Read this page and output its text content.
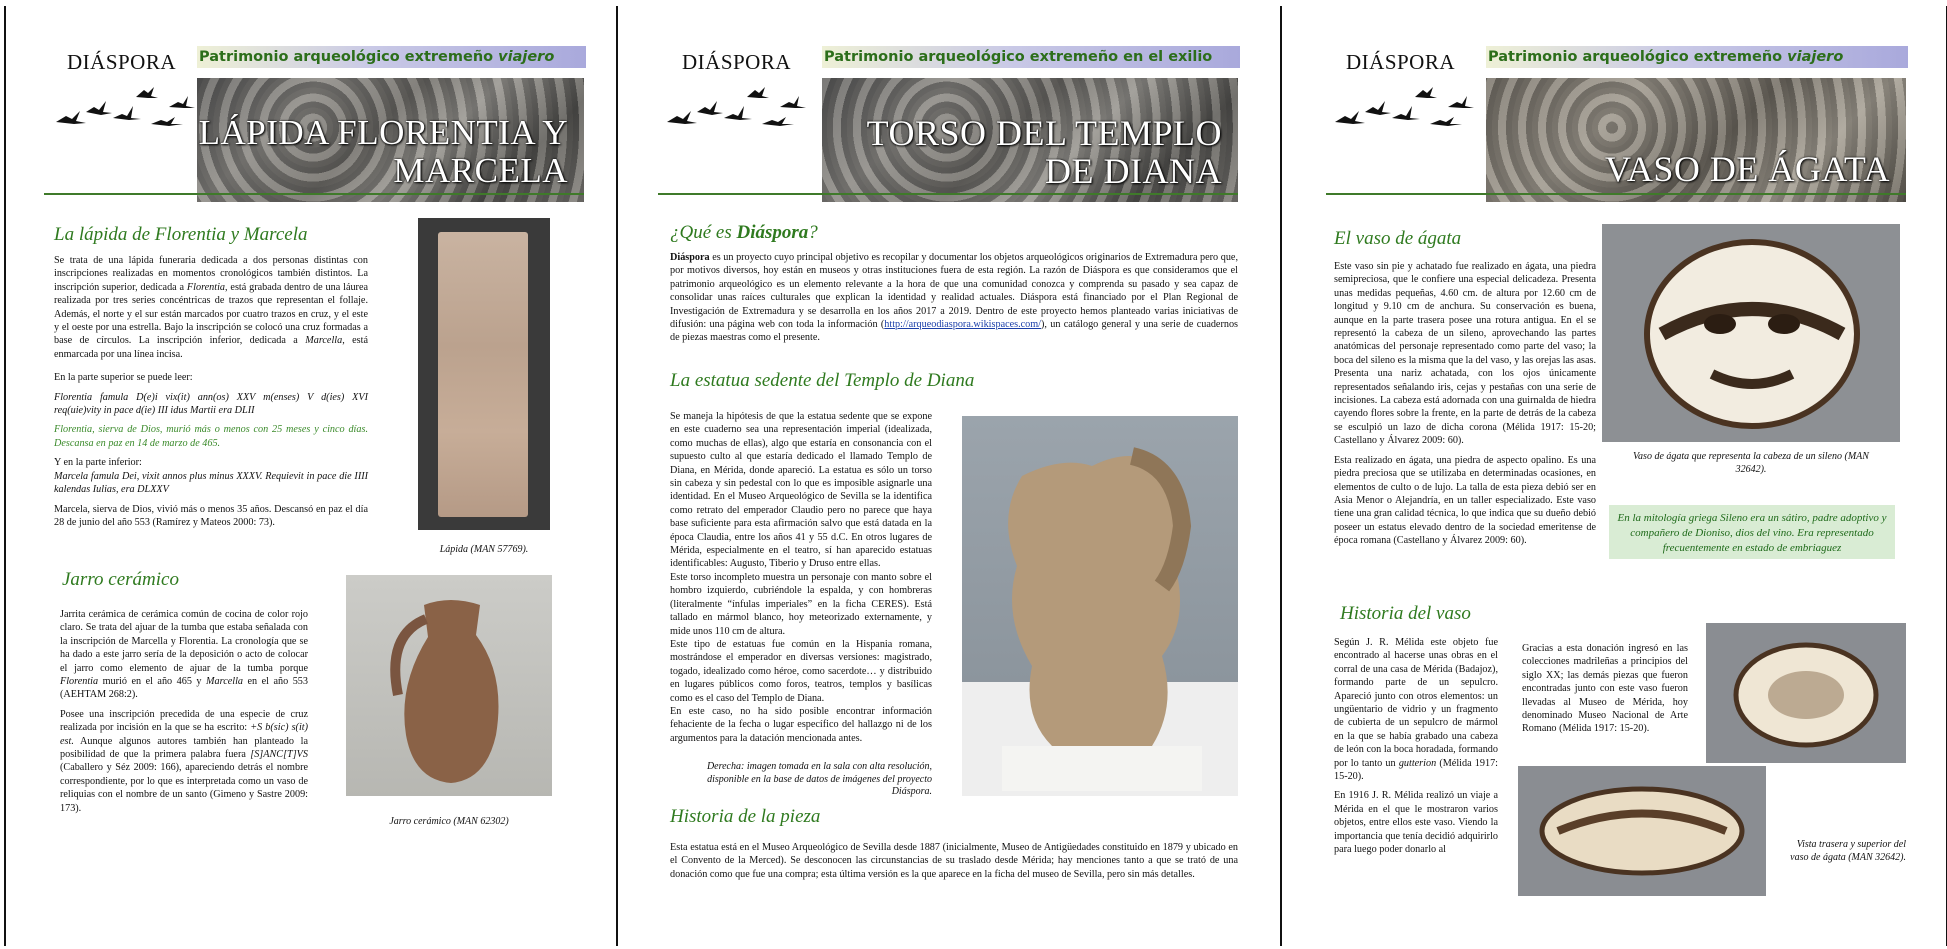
DIÁSPORA Patrimonio arqueológico extremeño viajero
LÁPIDA FLORENTIA Y
MARCELA
La lápida de Florentia y Marcela

Se trata de una lápida funeraria dedicada a dos personas distintas con inscripciones realizadas en momentos cronológicos también distintos. La inscripción superior, dedicada a Florentia, está grabada dentro de una láurea realizada por tres series concéntricas de trazos que representan el follaje. Además, el norte y el sur están marcados por cuatro trazos en cruz, y el este y el oeste por una estrella. Bajo la inscripción se colocó una cruz formadas a base de círculos. La inscripción inferior, dedicada a Marcella, está enmarcada por una línea incisa.

En la parte superior se puede leer:

Florentia famula D(e)i vix(it) ann(os) XXV m(enses) V d(ies) XVI req(uie)vity in pace d(ie) III idus Martii era DLII

Florentia, sierva de Dios, murió más o menos con 25 meses y cinco días. Descansa en paz en 14 de marzo de 465.

Y en la parte inferior:

Marcela famula Dei, vixit annos plus minus XXXV. Requievit in pace die IIII kalendas Iulias, era DLXXV

Marcela, sierva de Dios, vivió más o menos 35 años. Descansó en paz el día 28 de junio del año 553 (Ramírez y Mateos 2000: 73).

Lápida (MAN 57769).
Jarro cerámico

Jarrita cerámica de cerámica común de cocina de color rojo claro. Se trata del ajuar de la tumba que estaba señalada con la inscripción de Marcella y Florentia. La cronología que se ha dado a este jarro sería de la deposición o acto de colocar el jarro como elemento de ajuar de la tumba porque Florentia murió en el año 465 y Marcella en el año 553 (AEHTAM 268:2).

Posee una inscripción precedida de una especie de cruz realizada por incisión en la que se ha escrito: +S b(sic) s(it) est. Aunque algunos autores también han planteado la posibilidad de que la primera palabra fuera [S]ANC[T]VS (Caballero y Séz 2009: 166), apareciendo detrás el nombre correspondiente, por lo que es interpretada como un vaso de reliquias con el nombre de un santo (Gimeno y Sastre 2009: 173).

Jarro cerámico (MAN 62302)
DIÁSPORA Patrimonio arqueológico extremeño en el exilio
TORSO DEL TEMPLO
DE DIANA
¿Qué es Diáspora?

Diáspora es un proyecto cuyo principal objetivo es recopilar y documentar los objetos arqueológicos originarios de Extremadura pero que, por motivos diversos, hoy están en museos y otras instituciones fuera de esta región. La razón de Diáspora es que consideramos que el patrimonio arqueológico es un elemento relevante a la hora de que una comunidad conozca y comprenda su pasado y sea capaz de consolidar unas raíces culturales que explican la identidad y realidad actuales. Diáspora está financiado por el Plan Regional de Investigación de Extremadura y se desarrolla en los años 2017 a 2019. Dentro de este proyecto hemos planteado varias iniciativas de difusión: una página web con toda la información (http://arqueodiaspora.wikispaces.com/), un catálogo general y una serie de cuadernos de piezas maestras como el presente.

La estatua sedente del Templo de Diana

Se maneja la hipótesis de que la estatua sedente que se expone en este cuaderno sea una representación imperial (idealizada, como muchas de ellas), algo que estaría en consonancia con el supuesto culto al que estaría dedicado el llamado Templo de Diana, en Mérida, donde apareció. La estatua es sólo un torso sin cabeza y sin pedestal con lo que es imposible asignarle una identidad. En el Museo Arqueológico de Sevilla se la identifica como retrato del emperador Claudio pero no parece que haya base suficiente para esta afirmación salvo que está datada en la época Claudia, entre los años 41 y 55 d.C. En otros lugares de Mérida, especialmente en el teatro, sí han aparecido estatuas identificables: Augusto, Tiberio y Druso entre ellas.

Este torso incompleto muestra un personaje con manto sobre el hombro izquierdo, cubriéndole la espalda, y con hombreras (literalmente “ínfulas imperiales” en la ficha CERES). Está tallado en mármol blanco, hoy meteorizado externamente, y mide unos 110 cm de altura.

Este tipo de estatuas fue común en la Hispania romana, mostrándose el emperador en diversas versiones: magistrado, togado, idealizado como héroe, como sacerdote… y distribuido en lugares públicos como foros, teatros, templos y basílicas como es el caso del Templo de Diana.

En este caso, no ha sido posible encontrar información fehaciente de la fecha o lugar específico del hallazgo ni de los argumentos para la datación mencionada antes.

Derecha: imagen tomada en la sala con alta resolución, disponible en la base de datos de imágenes del proyecto Diáspora.
Historia de la pieza
Esta estatua está en el Museo Arqueológico de Sevilla desde 1887 (inicialmente, Museo de Antigüedades constituido en 1879 y ubicado en el Convento de la Merced). Se desconocen las circunstancias de su traslado desde Mérida; hay menciones tanto a que se trató de una donación como que fue una compra; esta última versión es la que aparece en la ficha del museo de Sevilla, pero sin más detalles.
DIÁSPORA Patrimonio arqueológico extremeño viajero
VASO DE ÁGATA
El vaso de ágata

Este vaso sin pie y achatado fue realizado en ágata, una piedra semipreciosa, que le confiere una especial delicadeza. Presenta unas medidas pequeñas, 4.60 cm. de altura por 12.60 cm de longitud y 9.10 cm de anchura. Su conservación es buena, aunque en la parte trasera posee una rotura antigua. En el se representó la cabeza de un sileno, aprovechando las partes anatómicas del personaje representado como parte del vaso; la boca del sileno es la misma que la del vaso, y las orejas las asas. Presenta una nariz achatada, con los ojos únicamente representados señalando iris, cejas y pestañas con una serie de incisiones. La cabeza está adornada con una guirnalda de hiedra cayendo flores sobre la frente, en la parte de detrás de la cabeza se esculpió un lazo de dicha corona (Mélida 1917: 15-20; Castellano y Álvarez 2009: 60).

Esta realizado en ágata, una piedra de aspecto opalino. Es una piedra preciosa que se utilizaba en determinadas ocasiones, en elementos de culto o de lujo. La talla de esta pieza debió ser en Asia Menor o Alejandría, en un taller especializado. Este vaso tiene una gran calidad técnica, lo que indica que su dueño debió poseer un estatus elevado dentro de la sociedad emeritense de época romana (Castellano y Álvarez 2009: 60).

Vaso de ágata que representa la cabeza de un sileno (MAN 32642).
En la mitología griega Sileno era un sátiro, padre adoptivo y compañero de Dioniso, dios del vino. Era representado frecuentemente en estado de embriaguez
Historia del vaso

Según J. R. Mélida este objeto fue encontrado al hacerse unas obras en el corral de una casa de Mérida (Badajoz), formando parte de un sepulcro. Apareció junto con otros elementos: un ungüentario de vidrio y un fragmento de cubierta de un sepulcro de mármol en la que se había grabado una cabeza de león con la boca horadada, formando por lo tanto un gutterion (Mélida 1917: 15-20).

En 1916 J. R. Mélida realizó un viaje a Mérida en el que le mostraron varios objetos, entre ellos este vaso. Viendo la importancia que tenía decidió adquirirlo para luego poder donarlo al

Gracias a esta donación ingresó en las colecciones madrileñas a principios del siglo XX; las demás piezas que fueron encontradas junto con este vaso fueron llevadas al Museo de Mérida, hoy denominado Museo Nacional de Arte Romano (Mélida 1917: 15-20).
Vista trasera y superior del vaso de ágata (MAN 32642).
